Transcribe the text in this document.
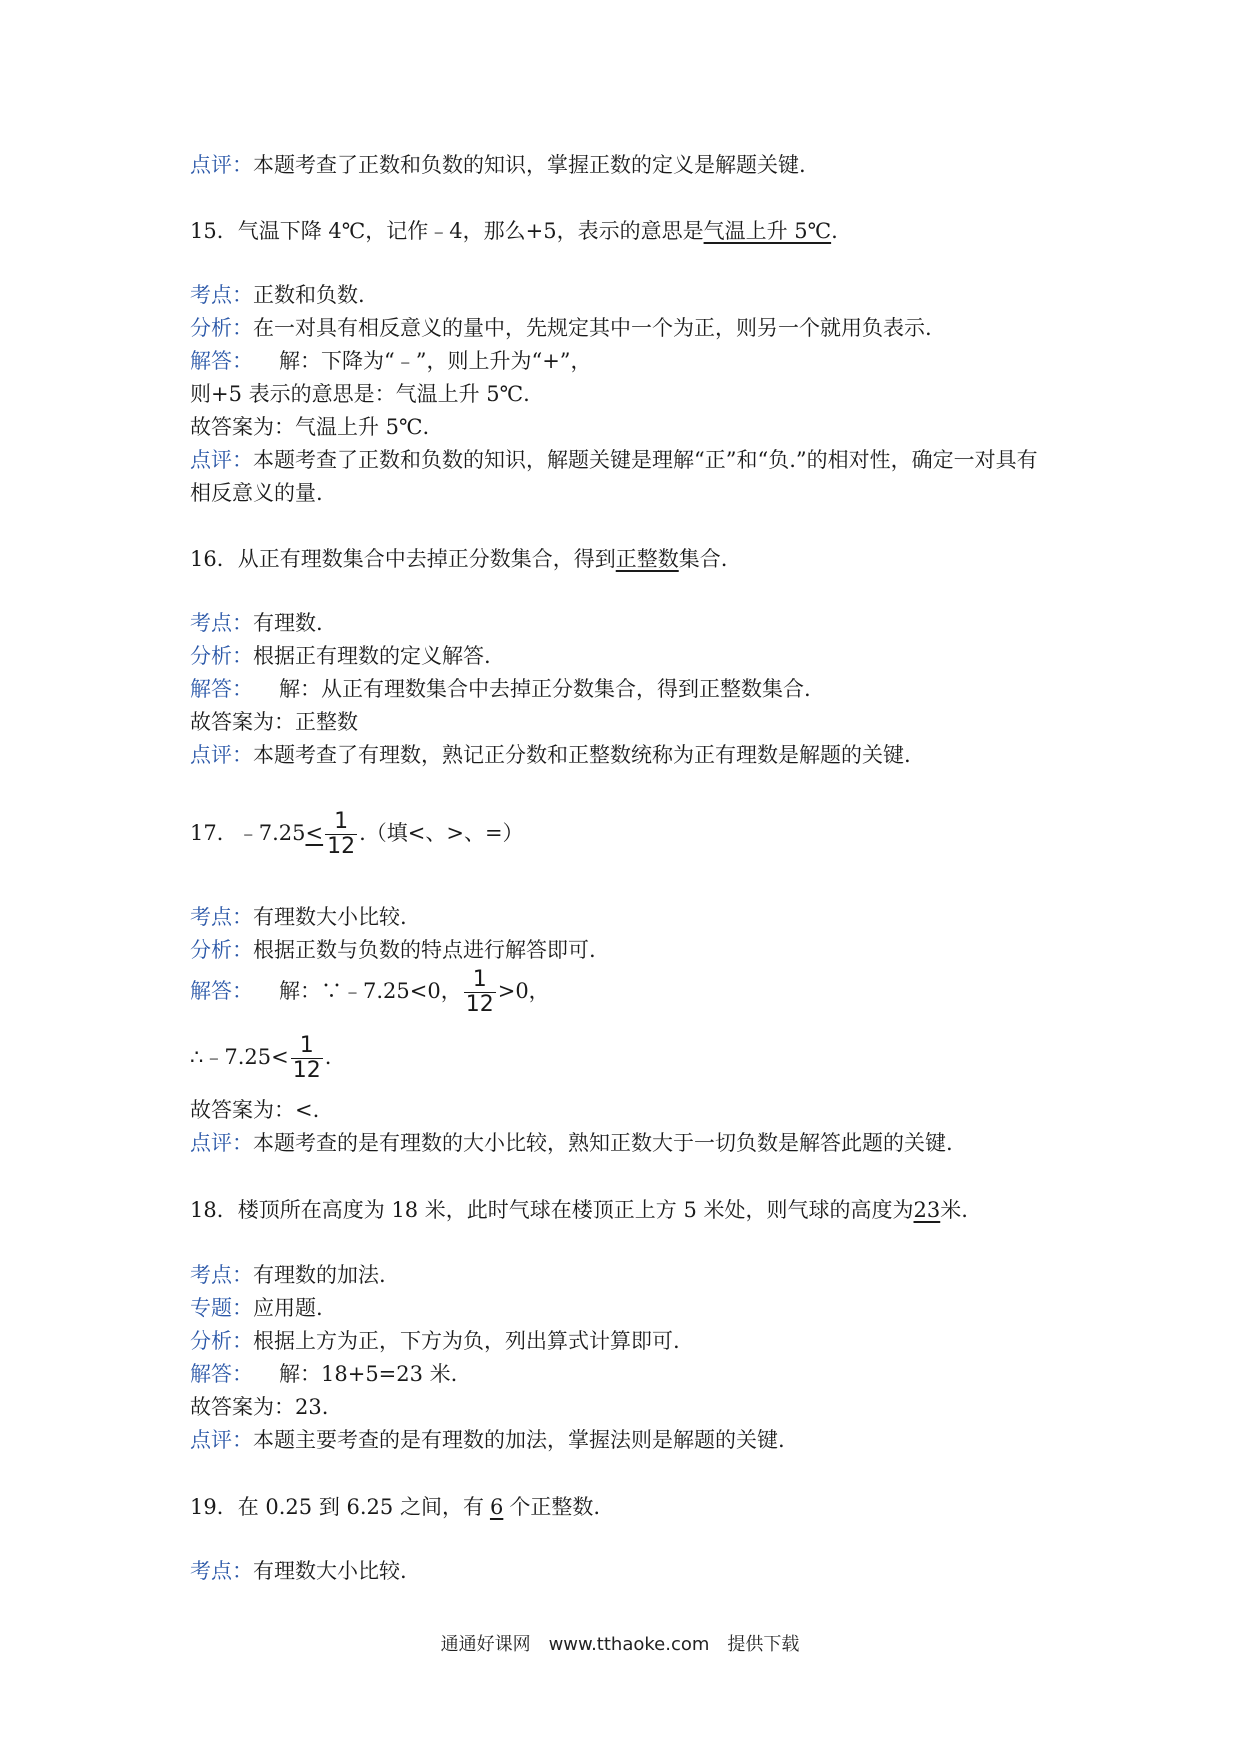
点评：本题考查了正数和负数的知识，掌握正数的定义是解题关键.
15．气温下降 4℃，记作﹣4，那么+5，表示的意思是气温上升 5℃.
考点：正数和负数.
分析：在一对具有相反意义的量中，先规定其中一个为正，则另一个就用负表示.
解答： 解：下降为“﹣”，则上升为“+”，
则+5 表示的意思是：气温上升 5℃.
故答案为：气温上升 5℃.
点评：本题考查了正数和负数的知识，解题关键是理解“正”和“负.”的相对性，确定一对具有
相反意义的量.
16．从正有理数集合中去掉正分数集合，得到正整数集合.
考点：有理数.
分析：根据正有理数的定义解答.
解答： 解：从正有理数集合中去掉正分数集合，得到正整数集合.
故答案为：正整数
点评：本题考查了有理数，熟记正分数和正整数统称为正有理数是解题的关键.
17．﹣7.25< $\frac{1}{12}$ .（填<、>、=）
考点：有理数大小比较.
分析：根据正数与负数的特点进行解答即可.
解答： 解：∵﹣7.25<0， $\frac{1}{12} >0$，
∴﹣7.25< $\frac{1}{12}$ .
故答案为：<.
点评：本题考查的是有理数的大小比较，熟知正数大于一切负数是解答此题的关键.
18．楼顶所在高度为 18 米，此时气球在楼顶正上方 5 米处，则气球的高度为23米.
考点：有理数的加法.
专题：应用题.
分析：根据上方为正，下方为负，列出算式计算即可.
解答： 解：18+5=23 米.
故答案为：23.
点评：本题主要考查的是有理数的加法，掌握法则是解题的关键.
19．在 0.25 到 6.25 之间，有 6 个正整数.
考点：有理数大小比较.
通通好课网　www.tthaoke.com　提供下载
